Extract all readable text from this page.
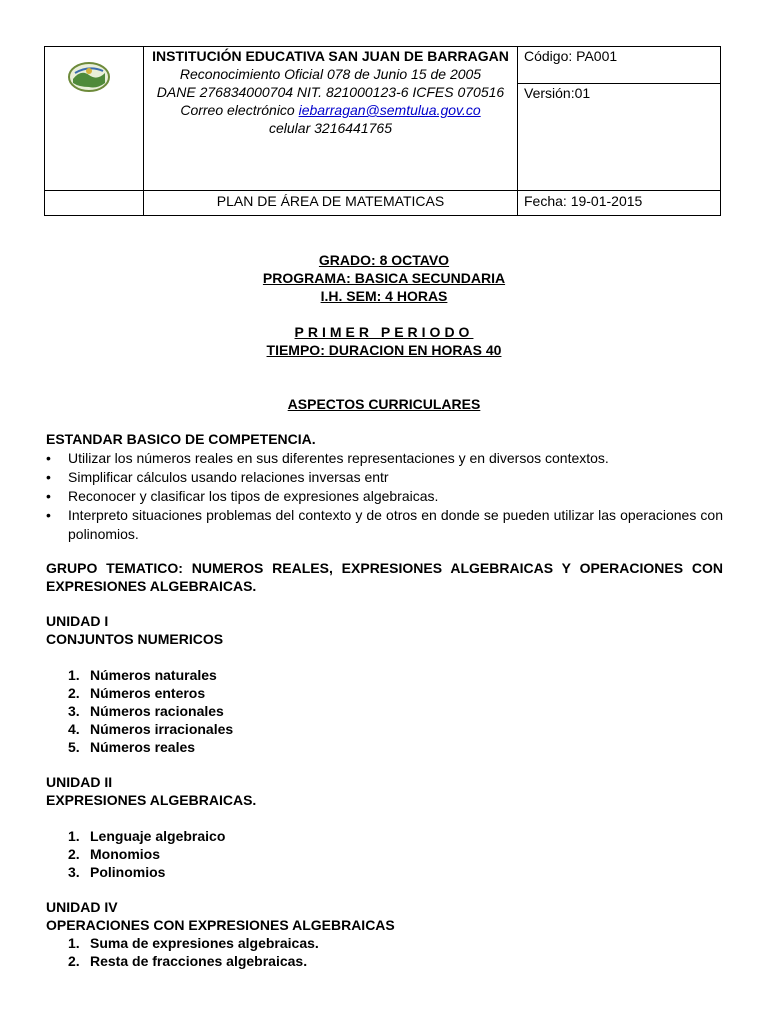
INSTITUCIÓN EDUCATIVA SAN JUAN DE BARRAGAN
Reconocimiento Oficial 078 de Junio 15 de 2005
DANE 276834000704 NIT. 821000123-6 ICFES 070516
Correo electrónico iebarragan@semtulua.gov.co
celular 3216441765	Código: PA001
		Versión:01
	PLAN DE ÁREA DE MATEMATICAS	Fecha: 19-01-2015
GRADO: 8 OCTAVO
PROGRAMA: BASICA SECUNDARIA
I.H. SEM: 4 HORAS
PRIMER PERIODO
TIEMPO: DURACION EN HORAS 40
ASPECTOS CURRICULARES
ESTANDAR BASICO DE COMPETENCIA.
• Utilizar los números reales en sus diferentes representaciones y en diversos contextos.
• Simplificar cálculos usando relaciones inversas entr
• Reconocer y clasificar los tipos de expresiones algebraicas.
• Interpreto situaciones problemas del contexto y de otros en donde se pueden utilizar las operaciones con polinomios.
GRUPO TEMATICO: NUMEROS REALES, EXPRESIONES ALGEBRAICAS Y OPERACIONES CON EXPRESIONES ALGEBRAICAS.
UNIDAD I
CONJUNTOS NUMERICOS
1. Números naturales
2. Números enteros
3. Números racionales
4. Números irracionales
5. Números reales
UNIDAD II
EXPRESIONES ALGEBRAICAS.
1. Lenguaje algebraico
2. Monomios
3. Polinomios
UNIDAD IV
OPERACIONES CON EXPRESIONES ALGEBRAICAS
1. Suma de expresiones algebraicas.
2. Resta de fracciones algebraicas.
